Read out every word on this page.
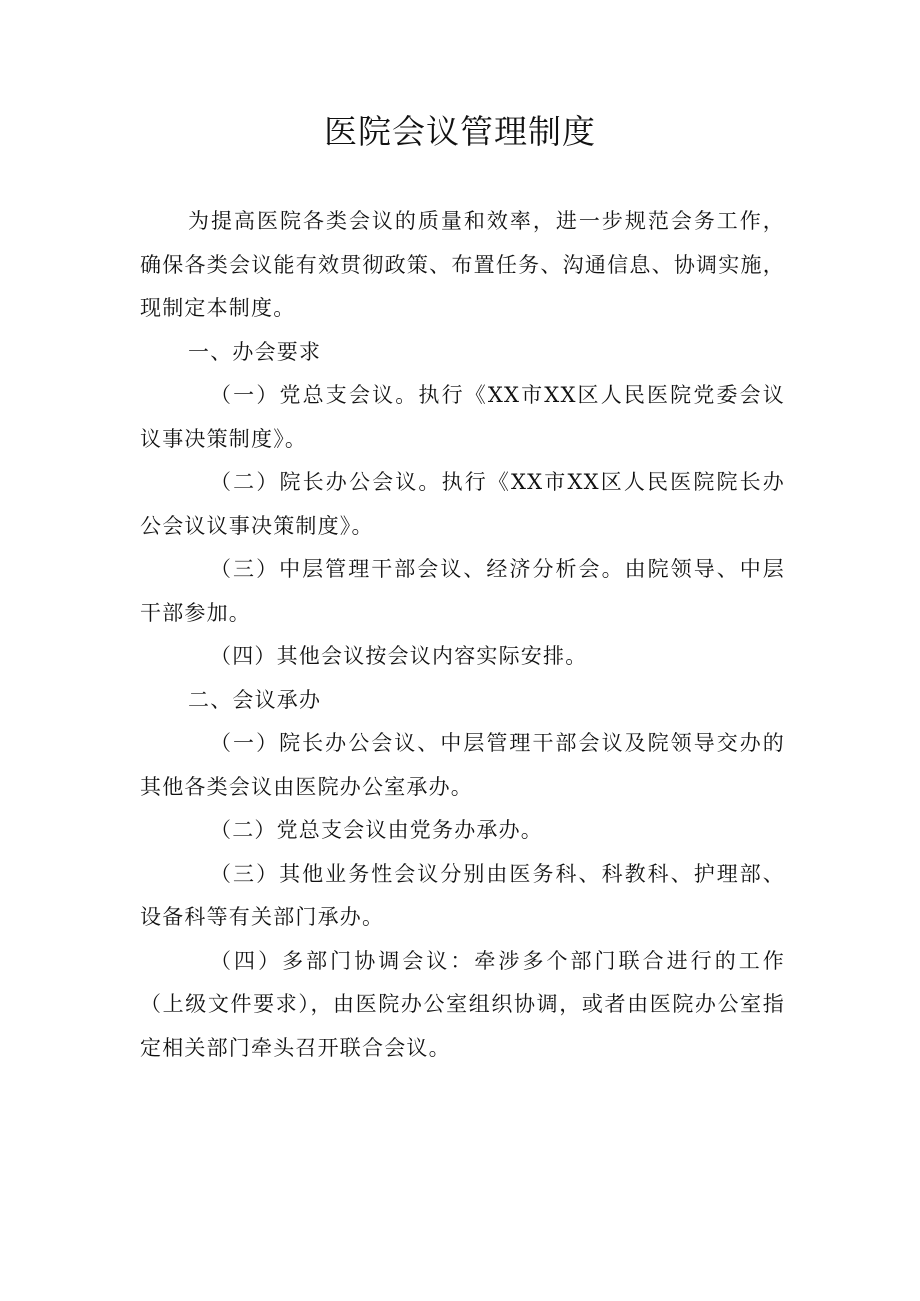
医院会议管理制度

为提高医院各类会议的质量和效率，进一步规范会务工作，确保各类会议能有效贯彻政策、布置任务、沟通信息、协调实施，现制定本制度。

一、办会要求

（一）党总支会议。执行《XX市XX区人民医院党委会议议事决策制度》。

（二）院长办公会议。执行《XX市XX区人民医院院长办公会议议事决策制度》。

（三）中层管理干部会议、经济分析会。由院领导、中层干部参加。

（四）其他会议按会议内容实际安排。

二、会议承办

（一）院长办公会议、中层管理干部会议及院领导交办的其他各类会议由医院办公室承办。

（二）党总支会议由党务办承办。

（三）其他业务性会议分别由医务科、科教科、护理部、设备科等有关部门承办。

（四）多部门协调会议：牵涉多个部门联合进行的工作（上级文件要求），由医院办公室组织协调，或者由医院办公室指定相关部门牵头召开联合会议。
